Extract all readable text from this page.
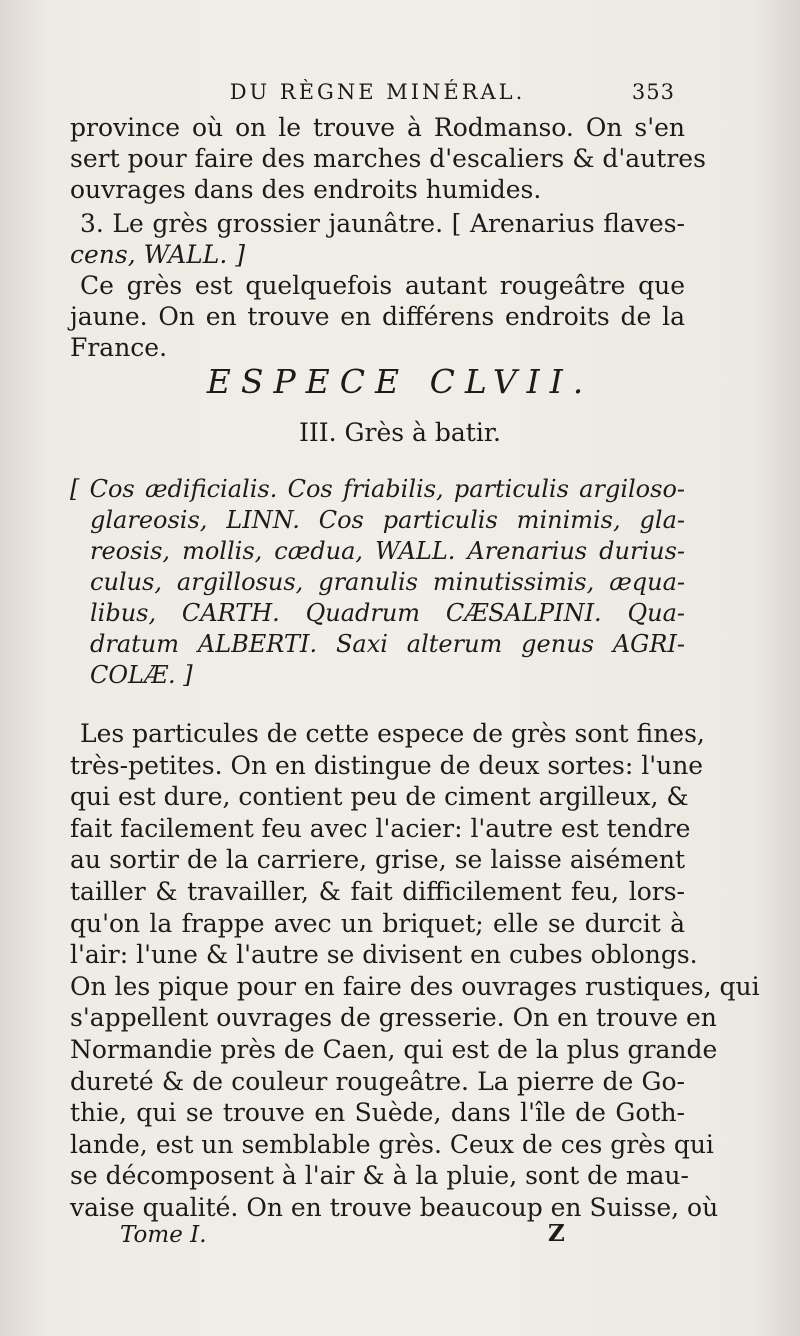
DU RÈGNE MINÉRAL.	353
province où on le trouve à Rodmanso. On s'en
sert pour faire des marches d'escaliers & d'autres
ouvrages dans des endroits humides.
3. Le grès grossier jaunâtre. [ Arenarius flaves-
cens, WALL. ]
Ce grès est quelquefois autant rougeâtre que
jaune. On en trouve en différens endroits de la
France.
ESPECE CLVII.
III. Grès à batir.
[ Cos ædificialis. Cos friabilis, particulis argiloso-
glareosis, LINN. Cos particulis minimis, gla-
reosis, mollis, cædua, WALL. Arenarius durius-
culus, argillosus, granulis minutissimis, æqua-
libus, CARTH. Quadrum CÆSALPINI. Qua-
dratum ALBERTI. Saxi alterum genus AGRI-
COLÆ. ]
Les particules de cette espece de grès sont fines,
très-petites. On en distingue de deux sortes: l'une
qui est dure, contient peu de ciment argilleux, &
fait facilement feu avec l'acier: l'autre est tendre
au sortir de la carriere, grise, se laisse aisément
tailler & travailler, & fait difficilement feu, lors-
qu'on la frappe avec un briquet; elle se durcit à
l'air: l'une & l'autre se divisent en cubes oblongs.
On les pique pour en faire des ouvrages rustiques, qui
s'appellent ouvrages de gresserie. On en trouve en
Normandie près de Caen, qui est de la plus grande
dureté & de couleur rougeâtre. La pierre de Go-
thie, qui se trouve en Suède, dans l'île de Goth-
lande, est un semblable grès. Ceux de ces grès qui
se décomposent à l'air & à la pluie, sont de mau-
vaise qualité. On en trouve beaucoup en Suisse, où
Tome I.	Z
